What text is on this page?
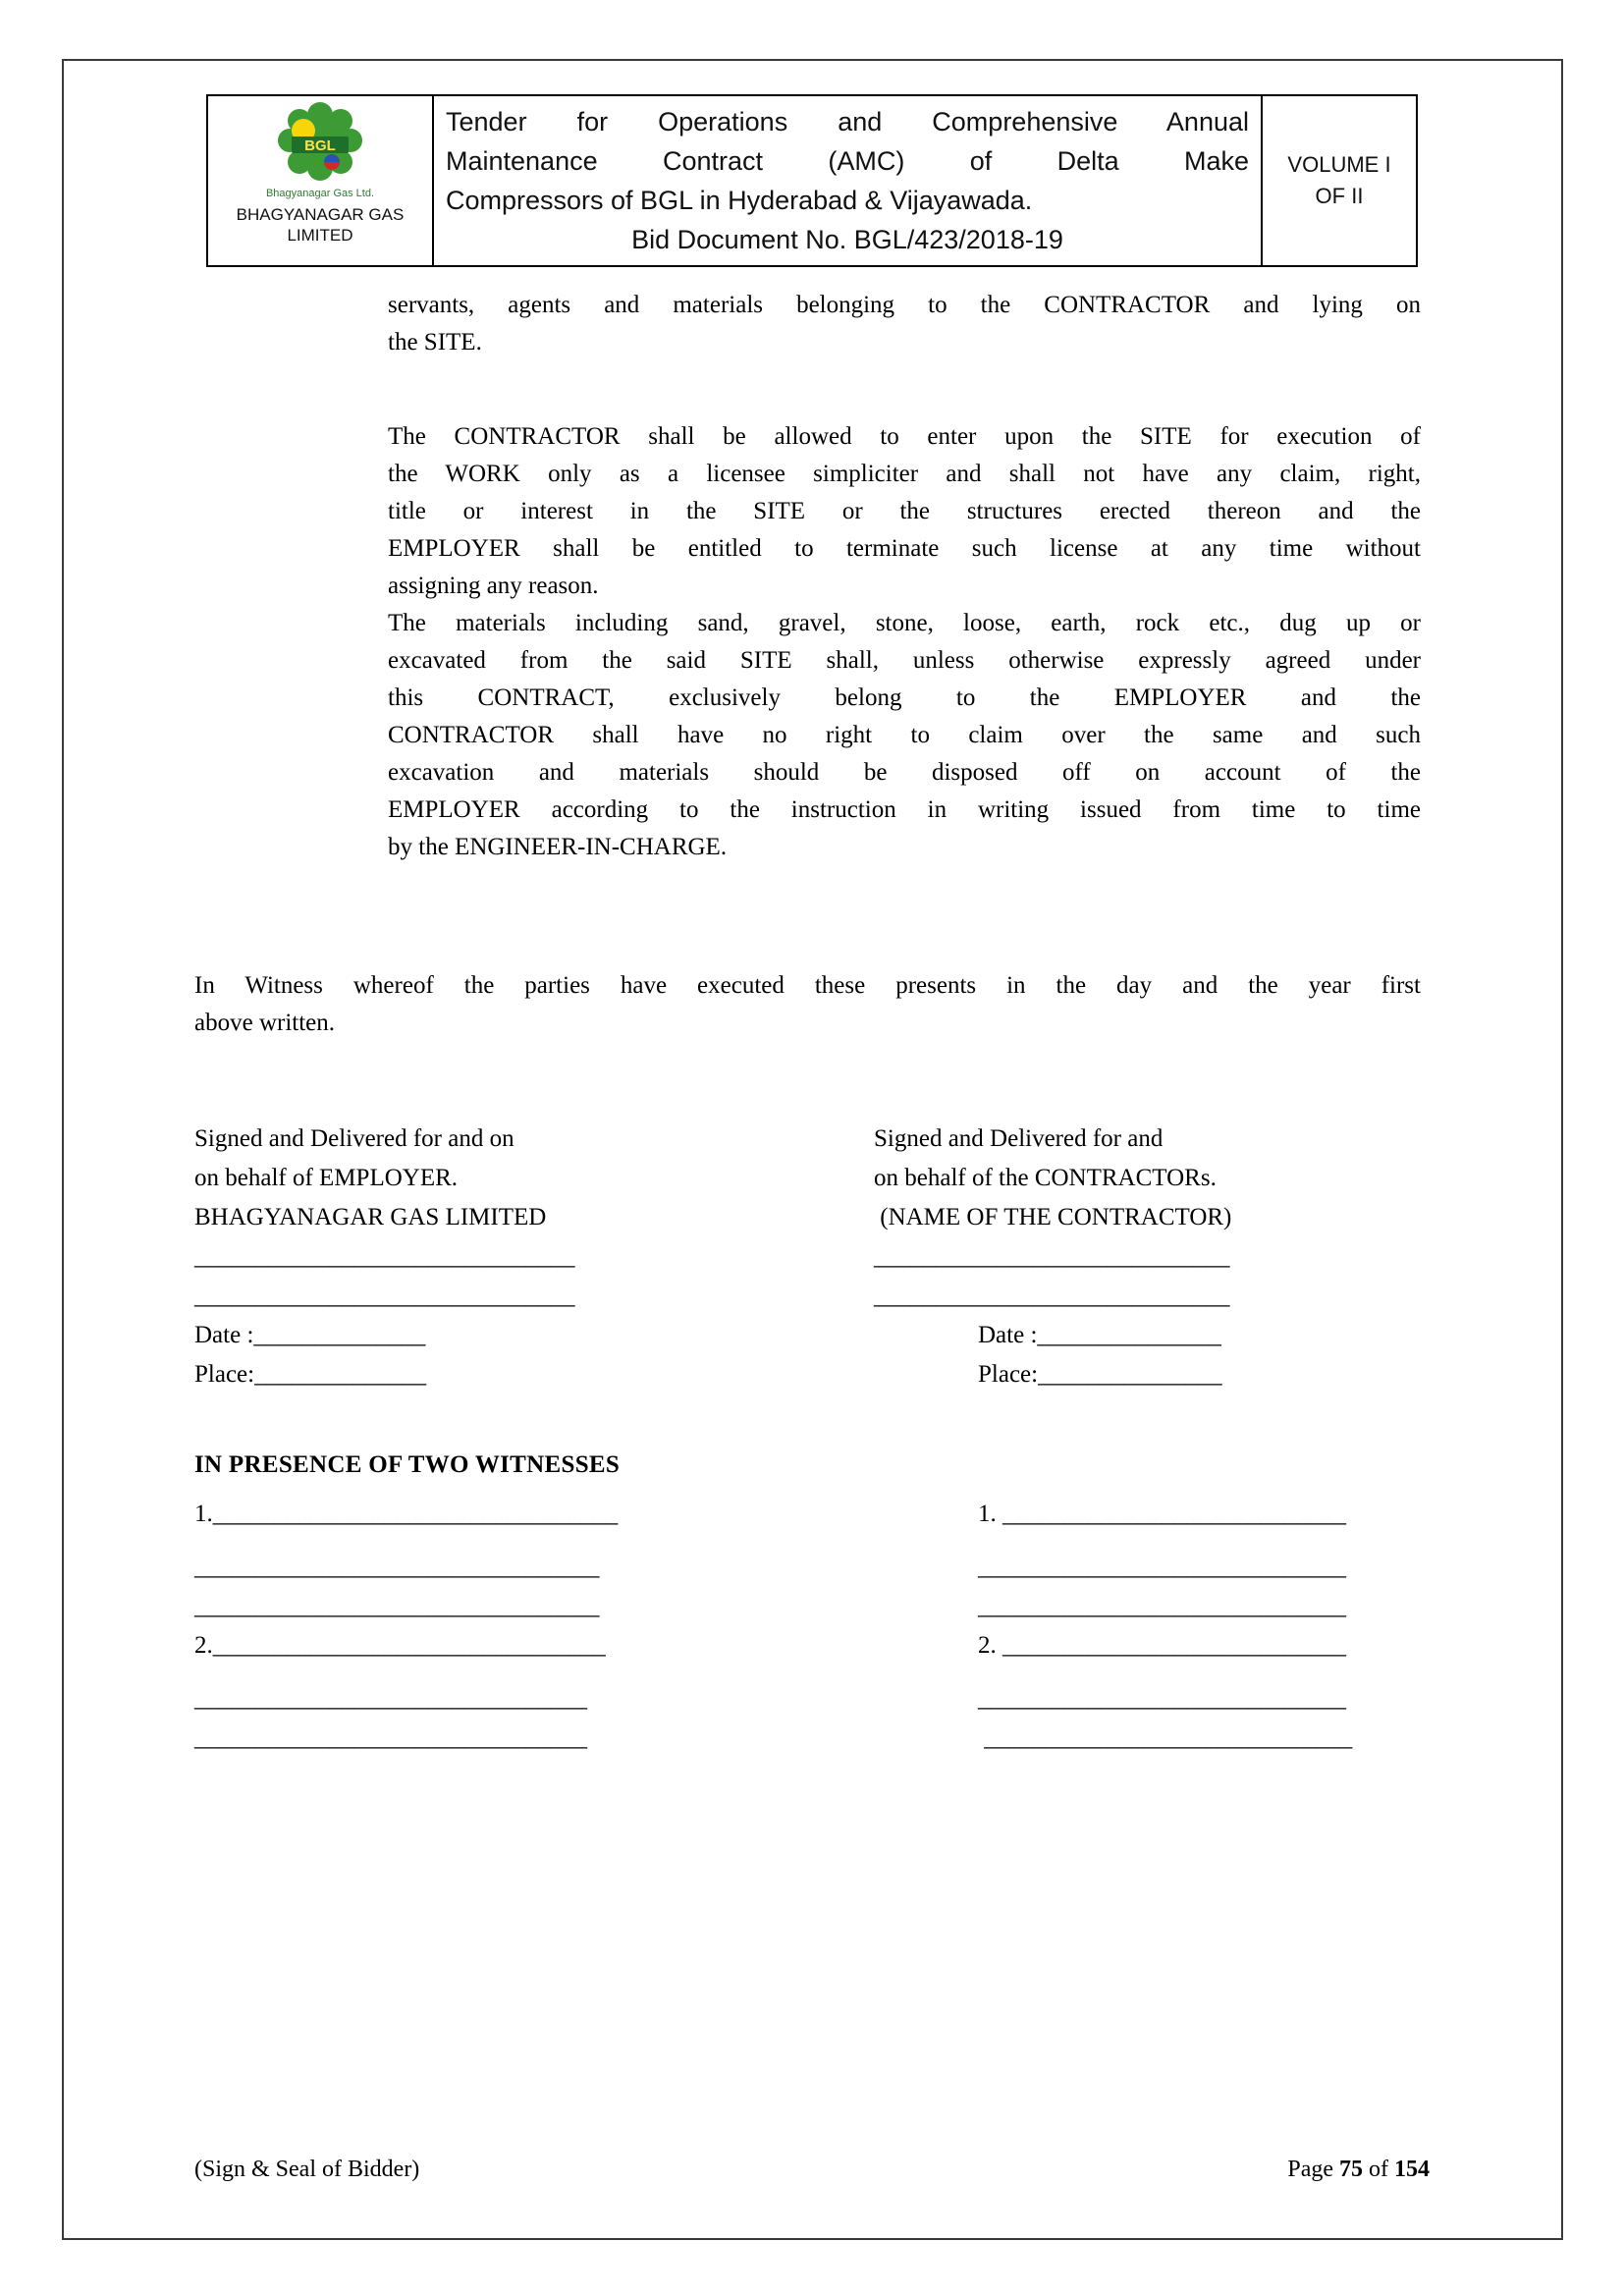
BGL
Bhagyanagar Gas Ltd.
BHAGYANAGAR GAS LIMITED
Tender for Operations and Comprehensive Annual
Maintenance Contract (AMC) of Delta Make
Compressors of BGL in Hyderabad & Vijayawada.
Bid Document No. BGL/423/2018-19
VOLUME I
OF II
servants, agents and materials belonging to the CONTRACTOR and lying on
the SITE.
The CONTRACTOR shall be allowed to enter upon the SITE for execution of
the WORK only as a licensee simpliciter and shall not have any claim, right,
title or interest in the SITE or the structures erected thereon and the
EMPLOYER shall be entitled to terminate such license at any time without
assigning any reason.
The materials including sand, gravel, stone, loose, earth, rock etc., dug up or
excavated from the said SITE shall, unless otherwise expressly agreed under
this CONTRACT, exclusively belong to the EMPLOYER and the
CONTRACTOR shall have no right to claim over the same and such
excavation and materials should be disposed off on account of the
EMPLOYER according to the instruction in writing issued from time to time
by the ENGINEER-IN-CHARGE.
In Witness whereof the parties have executed these presents in the day and the year first
above written.
Signed and Delivered for and on
on behalf of EMPLOYER.
BHAGYANAGAR GAS LIMITED
_______________________________
_______________________________
Date :______________
Place:______________
Signed and Delivered for and
on behalf of the CONTRACTORs.
(NAME OF THE CONTRACTOR)
_____________________________
_____________________________
Date :_______________
Place:_______________
IN PRESENCE OF TWO WITNESSES
1._________________________________
_________________________________
_________________________________
2.________________________________
________________________________
________________________________
1. ____________________________
______________________________
______________________________
2. ____________________________
______________________________
______________________________
(Sign & Seal of Bidder)	Page 75 of 154
